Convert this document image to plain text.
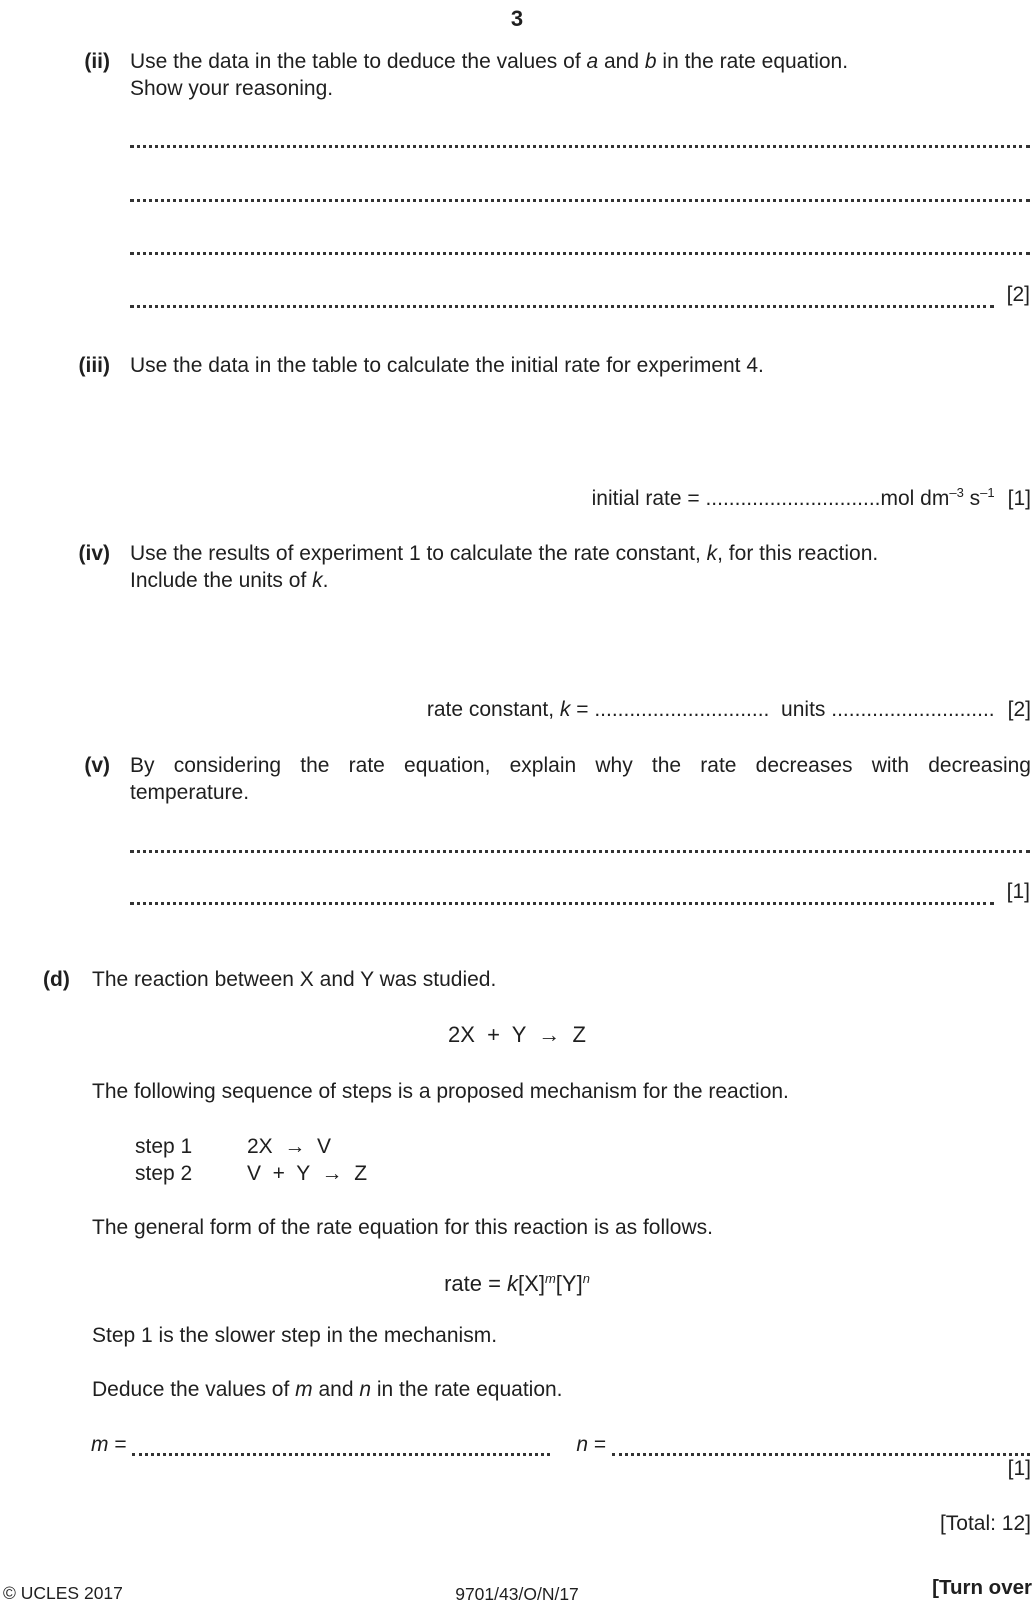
3
(ii) Use the data in the table to deduce the values of a and b in the rate equation.
Show your reasoning.
[2]
(iii) Use the data in the table to calculate the initial rate for experiment 4.
initial rate = ..............................mol $dm^{-3}$ $s^{-1}$ [1]
(iv) Use the results of experiment 1 to calculate the rate constant, k, for this reaction.
Include the units of k.
rate constant, k = ..............................  units ............................ [2]
(v) By considering the rate equation, explain why the rate decreases with decreasing
temperature.
[1]
(d) The reaction between X and Y was studied.
2X  +  Y  →  Z
The following sequence of steps is a proposed mechanism for the reaction.
step 1	2X  →  V
step 2	V  +  Y  →  Z
The general form of the rate equation for this reaction is as follows.
rate = $k[X]^m[Y]^n$
Step 1 is the slower step in the mechanism.
Deduce the values of m and n in the rate equation.
m =	n =
[1]
[Total: 12]
© UCLES 2017	9701/43/O/N/17	[Turn over
